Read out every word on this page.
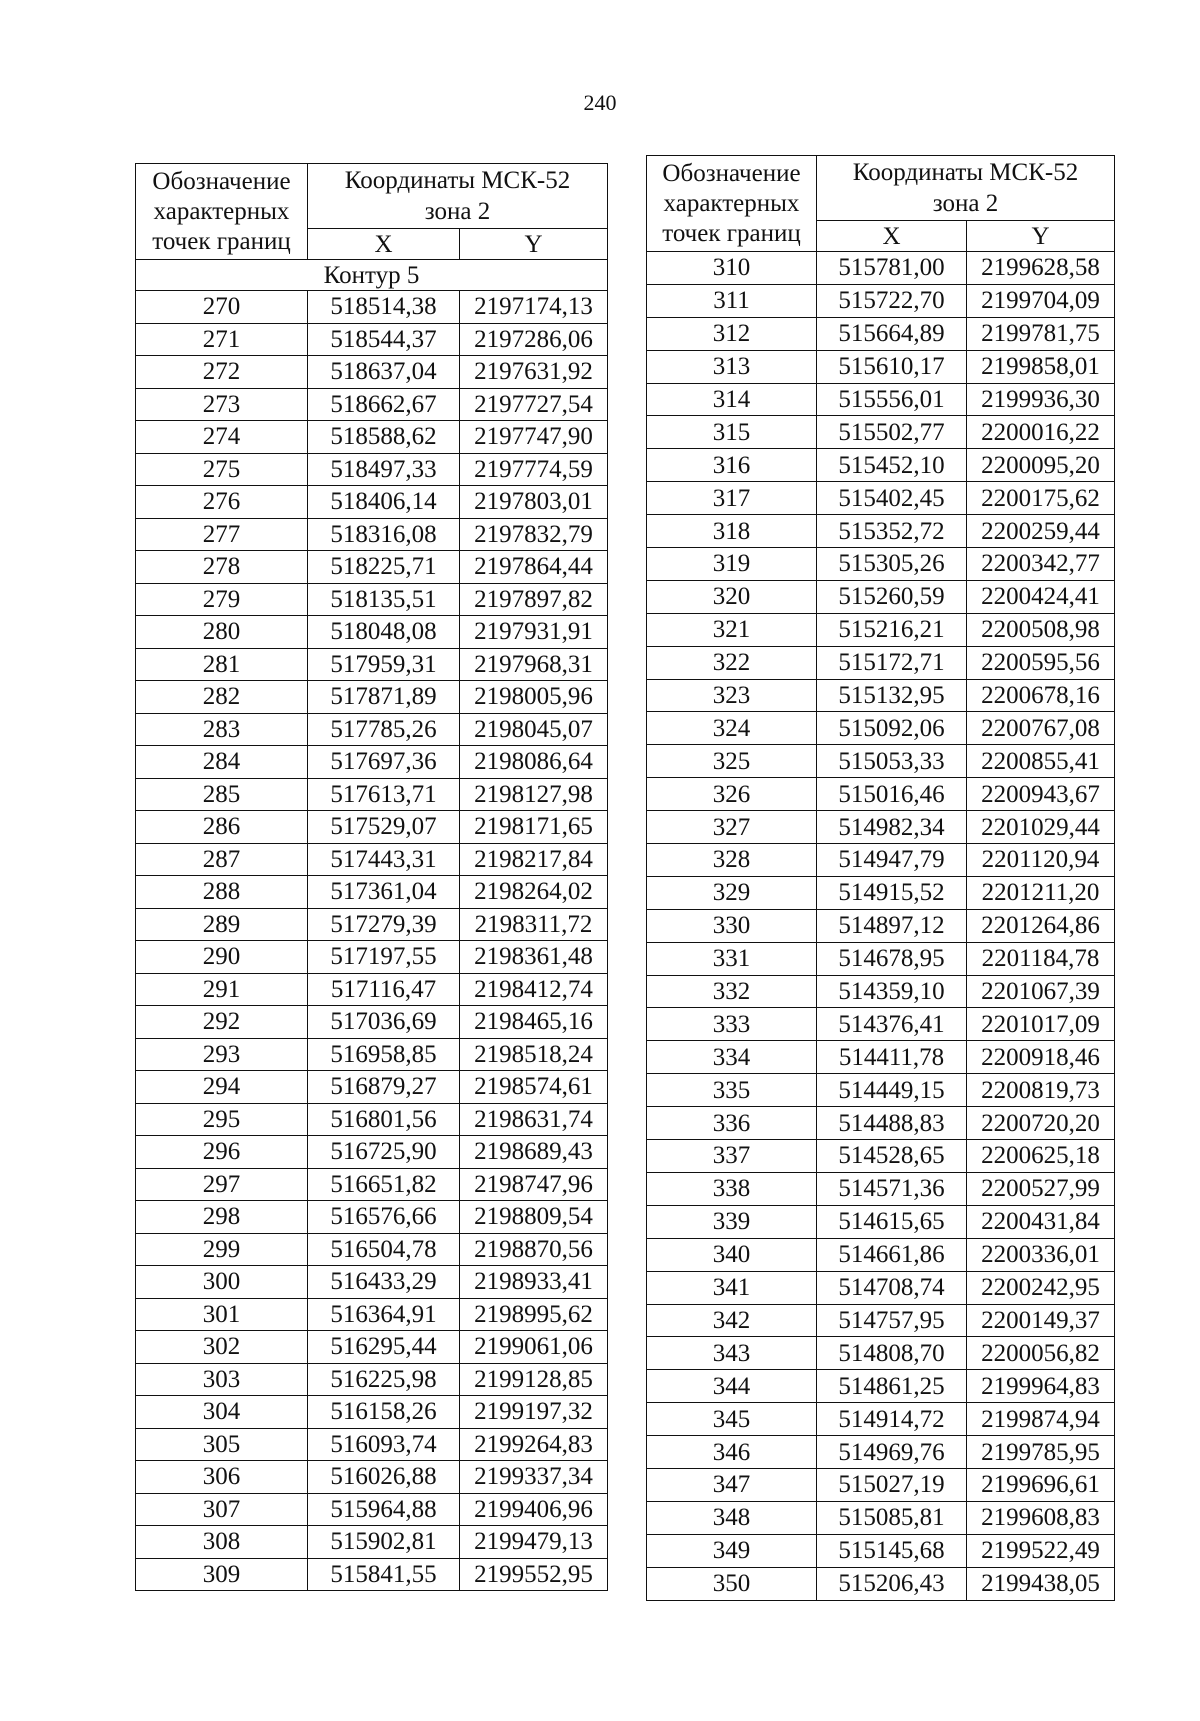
240
Обозначение характерных точек границ	Координаты МСК-52
зона 2	
	X	Y
Контур 5		
270	518514,38	2197174,13
271	518544,37	2197286,06
272	518637,04	2197631,92
273	518662,67	2197727,54
274	518588,62	2197747,90
275	518497,33	2197774,59
276	518406,14	2197803,01
277	518316,08	2197832,79
278	518225,71	2197864,44
279	518135,51	2197897,82
280	518048,08	2197931,91
281	517959,31	2197968,31
282	517871,89	2198005,96
283	517785,26	2198045,07
284	517697,36	2198086,64
285	517613,71	2198127,98
286	517529,07	2198171,65
287	517443,31	2198217,84
288	517361,04	2198264,02
289	517279,39	2198311,72
290	517197,55	2198361,48
291	517116,47	2198412,74
292	517036,69	2198465,16
293	516958,85	2198518,24
294	516879,27	2198574,61
295	516801,56	2198631,74
296	516725,90	2198689,43
297	516651,82	2198747,96
298	516576,66	2198809,54
299	516504,78	2198870,56
300	516433,29	2198933,41
301	516364,91	2198995,62
302	516295,44	2199061,06
303	516225,98	2199128,85
304	516158,26	2199197,32
305	516093,74	2199264,83
306	516026,88	2199337,34
307	515964,88	2199406,96
308	515902,81	2199479,13
309	515841,55	2199552,95
Обозначение характерных точек границ	Координаты МСК-52
зона 2	
	X	Y
310	515781,00	2199628,58
311	515722,70	2199704,09
312	515664,89	2199781,75
313	515610,17	2199858,01
314	515556,01	2199936,30
315	515502,77	2200016,22
316	515452,10	2200095,20
317	515402,45	2200175,62
318	515352,72	2200259,44
319	515305,26	2200342,77
320	515260,59	2200424,41
321	515216,21	2200508,98
322	515172,71	2200595,56
323	515132,95	2200678,16
324	515092,06	2200767,08
325	515053,33	2200855,41
326	515016,46	2200943,67
327	514982,34	2201029,44
328	514947,79	2201120,94
329	514915,52	2201211,20
330	514897,12	2201264,86
331	514678,95	2201184,78
332	514359,10	2201067,39
333	514376,41	2201017,09
334	514411,78	2200918,46
335	514449,15	2200819,73
336	514488,83	2200720,20
337	514528,65	2200625,18
338	514571,36	2200527,99
339	514615,65	2200431,84
340	514661,86	2200336,01
341	514708,74	2200242,95
342	514757,95	2200149,37
343	514808,70	2200056,82
344	514861,25	2199964,83
345	514914,72	2199874,94
346	514969,76	2199785,95
347	515027,19	2199696,61
348	515085,81	2199608,83
349	515145,68	2199522,49
350	515206,43	2199438,05
